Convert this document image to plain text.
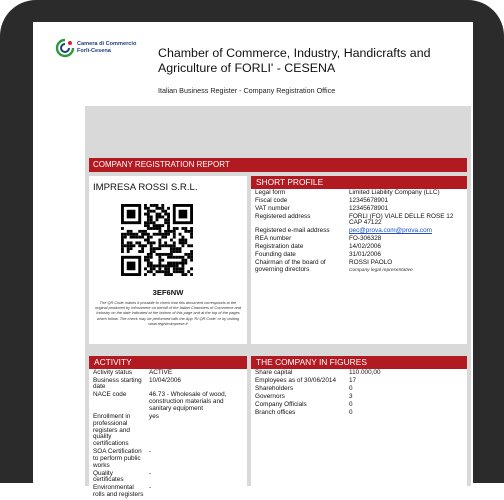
Camera di Commercio
Forlì-Cesena	Chamber of Commerce, Industry, Handicrafts and Agriculture of FORLI' - CESENA
Italian Business Register - Company Registration Office
COMPANY REGISTRATION REPORT
IMPRESA ROSSI S.R.L.
3EF6NW
The QR Code makes it possible to check that this document corresponds to the original produced by Infocamere on behalf of the Italian Chambers of Commerce and Industry on the date indicated at the bottom of this page and at the top of the pages which follow. The check may be performed with the App 'RI QR Code' or by visiting www.registroimprese.it
SHORT PROFILE
Legal form	Limited Liability Company (LLC)
Fiscal code	12345678901
VAT number	12345678901
Registered address	FORLI (FO) VIALE DELLE ROSE 12 CAP 47122
Registered e-mail address	pec@prova.com@prova.com
REA number	FO-306328
Registration date	14/02/2006
Founding date	31/01/2006
Chairman of the board of governing directors	ROSSI PAOLO
Company legal representative
ACTIVITY
Activity status	ACTIVE
Business starting date	10/04/2006
NACE code	46.73 - Wholesale of wood, construction materials and sanitary equipment
Enrollment in professional registers and quality certifications	yes
SOA Certification to perform public works	-
Quality certificates	-
Environmental rolls and registers	-
THE COMPANY IN FIGURES
Share capital	110.000,00
Employees as of 30/06/2014	17
Shareholders	0
Governors	3
Company Officials	0
Branch offices	0
